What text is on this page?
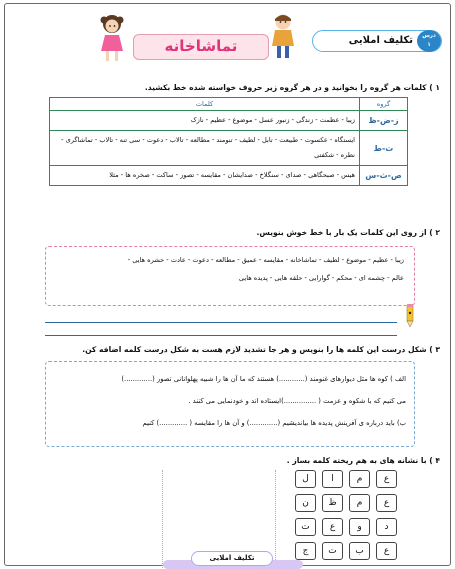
تماشاخانه	تکلیف املایی	درس
۱
۱ ) کلمات هر گروه را بخوانید و در هر گروه زیر حروف خواسته شده خط بکشید.
گروه	کلمات
ز-ض-ظ	زیبا - عظمت - زندگی - زنبور عسل - موضوع - عظیم - نازک
ت-ط	ایستگاه - عکسوت - طبیعت - تابل - لطیف - تنومند - مطالعه - تالاب - دعوت - سی تنه - تالاب - تماشاگری - نطره - شکفتی
ص-ث-س	هیس - صبحگاهی - صدای - سنگلاخ - صدایشان - مقایسه - تصور - ساکت - صخره ها - مثلا
۲ ) از روی این کلمات یک بار با خط خوش بنویس.
زیبا - عظیم - موضوع - لطیف - تماشاخانه - مقایسه - عمیق - مطالعه - دعوت - عادت - حشره هایی -
عالم - چشمه ای - محکم - گوارایی - حلقه هایی - پدیده هایی
۳ ) شکل درست این کلمه ها را بنویس و هر جا تشدید لازم هست به شکل درست کلمه اضافه کن.
الف ) کوه ها مثل دیوارهای غنومند (............) هستند که ما آن ها را شبیه پهلوانانی تصور (.............)
می کنیم که با شکوه و عزمت ( ...............)ایستاده اند و خودنمایی می کنند .
ب) باید درباره ی آفرینش پدیده ها بیاندیشیم (.............) و آن ها را مقایسه ( .............) کنیم
۴ ) با نشانه های به هم ریخته کلمه بساز .
ل	ا	م	ع
ن	ظ	م	ع
ت	ع	و	د
ج	ت	ب	ع
تکلیف املایی
